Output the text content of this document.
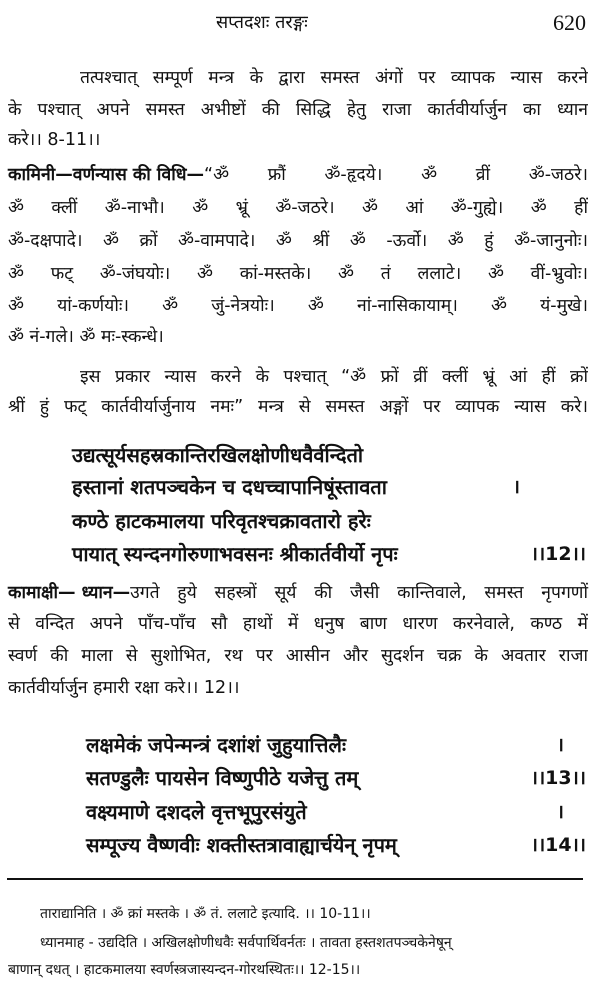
सप्तदशः तरङ्गः	620
तत्पश्चात् सम्पूर्ण मन्त्र के द्वारा समस्त अंगों पर व्यापक न्यास करने
के पश्चात् अपने समस्त अभीष्टों की सिद्धि हेतु राजा कार्तवीर्यार्जुन का ध्यान
करे।। 8-11।।
कामिनी—वर्णन्यास की विधि— “ॐ फ्रौं ॐ-हृदये। ॐ व्रीं ॐ-जठरे।
ॐ क्लीं ॐ-नाभौ। ॐ भ्रूं ॐ-जठरे। ॐ आं ॐ-गुह्ये। ॐ हीं
ॐ-दक्षपादे। ॐ क्रों ॐ-वामपादे। ॐ श्रीं ॐ -ऊर्वो। ॐ हुं ॐ-जानुनोः।
ॐ फट् ॐ-जंघयोः। ॐ कां-मस्तके। ॐ तं ललाटे। ॐ वीं-भ्रुवोः।
ॐ यां-कर्णयोः। ॐ जुं-नेत्रयोः। ॐ नां-नासिकायाम्। ॐ यं-मुखे।
ॐ नं-गले। ॐ मः-स्कन्धे।
इस प्रकार न्यास करने के पश्चात् “ॐ फ्रों व्रीं क्लीं भ्रूं आं हीं क्रों
श्रीं हुं फट् कार्तवीर्यार्जुनाय नमः” मन्त्र से समस्त अङ्गों पर व्यापक न्यास करे।
उद्यत्सूर्यसहस्रकान्तिरखिलक्षोणीधवैर्वन्दितो
हस्तानां शतपञ्चकेन च दधच्चापानिषूंस्तावता	।
कण्ठे हाटकमालया परिवृतश्चक्रावतारो हरेः
पायात् स्यन्दनगोरुणाभवसनः श्रीकार्तवीर्यो नृपः	।।12।।
कामाक्षी— ध्यान— उगते हुये सहस्त्रों सूर्य की जैसी कान्तिवाले, समस्त नृपगणों
से वन्दित अपने पाँच-पाँच सौ हाथों में धनुष बाण धारण करनेवाले, कण्ठ में
स्वर्ण की माला से सुशोभित, रथ पर आसीन और सुदर्शन चक्र के अवतार राजा
कार्तवीर्यार्जुन हमारी रक्षा करे।। 12।।
लक्षमेकं जपेन्मन्त्रं दशांशं जुहुयात्तिलैः	।
सतण्डुलैः पायसेन विष्णुपीठे यजेत्तु तम्	।।13।।
वक्ष्यमाणे दशदले वृत्तभूपुरसंयुते	।
सम्पूज्य वैष्णवीः शक्तीस्तत्रावाह्यार्चयेन् नृपम्	।।14।।
ताराद्यानिति । ॐ क्रां मस्तके । ॐ तं. ललाटे इत्यादि. ।। 10-11।।
ध्यानमाह - उद्यदिति । अखिलक्षोणीधवैः सर्वपार्थिवर्नतः । तावता हस्तशतपञ्चकेनेषून्
बाणान् दधत् । हाटकमालया स्वर्णस्त्रजास्यन्दन-गोरथस्थितः।। 12-15।।
